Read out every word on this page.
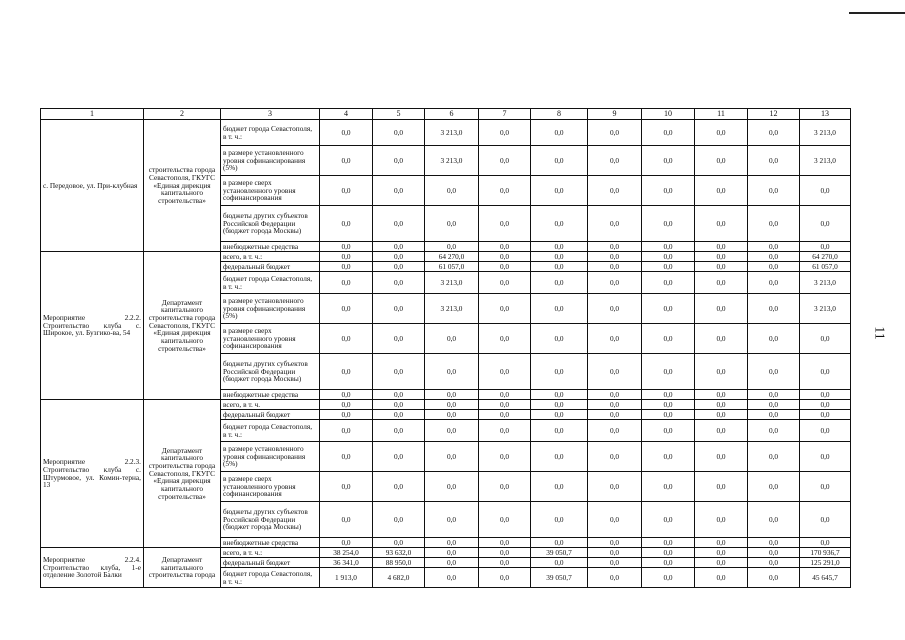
11
1	2	3	4	5	6	7	8	9	10	11	12	13
с. Передовое, ул. При-клубная	строительства города Севастополя, ГКУГС «Единая дирекция капитального строительства»	бюджет города Севастополя, в т. ч.:	0,0	0,0	3 213,0	0,0	0,0	0,0	0,0	0,0	0,0	3 213,0
		в размере установленного уровня софинансирования (5%)	0,0	0,0	3 213,0	0,0	0,0	0,0	0,0	0,0	0,0	3 213,0
		в размере сверх установленного уровня софинансирования	0,0	0,0	0,0	0,0	0,0	0,0	0,0	0,0	0,0	0,0
		бюджеты других субъектов Российской Федерации (бюджет города Москвы)	0,0	0,0	0,0	0,0	0,0	0,0	0,0	0,0	0,0	0,0
		внебюджетные средства	0,0	0,0	0,0	0,0	0,0	0,0	0,0	0,0	0,0	0,0
Мероприятие 2.2.2. Строительство клуба с. Широкое, ул. Бузгико-ва, 54	Департамент капитального строительства города Севастополя, ГКУГС «Единая дирекция капитального строительства»	всего, в т. ч.:	0,0	0,0	64 270,0	0,0	0,0	0,0	0,0	0,0	0,0	64 270,0
		федеральный бюджет	0,0	0,0	61 057,0	0,0	0,0	0,0	0,0	0,0	0,0	61 057,0
		бюджет города Севастополя, в т. ч.:	0,0	0,0	3 213,0	0,0	0,0	0,0	0,0	0,0	0,0	3 213,0
		в размере установленного уровня софинансирования (5%)	0,0	0,0	3 213,0	0,0	0,0	0,0	0,0	0,0	0,0	3 213,0
		в размере сверх установленного уровня софинансирования	0,0	0,0	0,0	0,0	0,0	0,0	0,0	0,0	0,0	0,0
		бюджеты других субъектов Российской Федерации (бюджет города Москвы)	0,0	0,0	0,0	0,0	0,0	0,0	0,0	0,0	0,0	0,0
		внебюджетные средства	0,0	0,0	0,0	0,0	0,0	0,0	0,0	0,0	0,0	0,0
Мероприятие 2.2.3. Строительство клуба с. Штурмовое, ул. Комин-терна, 13	Департамент капитального строительства города Севастополя, ГКУГС «Единая дирекция капитального строительства»	всего, в т. ч.	0,0	0,0	0,0	0,0	0,0	0,0	0,0	0,0	0,0	0,0
		федеральный бюджет	0,0	0,0	0,0	0,0	0,0	0,0	0,0	0,0	0,0	0,0
		бюджет города Севастополя, в т. ч.:	0,0	0,0	0,0	0,0	0,0	0,0	0,0	0,0	0,0	0,0
		в размере установленного уровня софинансирования (5%)	0,0	0,0	0,0	0,0	0,0	0,0	0,0	0,0	0,0	0,0
		в размере сверх установленного уровня софинансирования	0,0	0,0	0,0	0,0	0,0	0,0	0,0	0,0	0,0	0,0
		бюджеты других субъектов Российской Федерации (бюджет города Москвы)	0,0	0,0	0,0	0,0	0,0	0,0	0,0	0,0	0,0	0,0
		внебюджетные средства	0,0	0,0	0,0	0,0	0,0	0,0	0,0	0,0	0,0	0,0
Мероприятие 2.2.4. Строительство клуба, 1-е отделение Золотой Балки	Департамент капитального строительства города	всего, в т. ч.:	38 254,0	93 632,0	0,0	0,0	39 050,7	0,0	0,0	0,0	0,0	170 936,7
		федеральный бюджет	36 341,0	88 950,0	0,0	0,0	0,0	0,0	0,0	0,0	0,0	125 291,0
		бюджет города Севастополя, в т. ч.:	1 913,0	4 682,0	0,0	0,0	39 050,7	0,0	0,0	0,0	0,0	45 645,7
